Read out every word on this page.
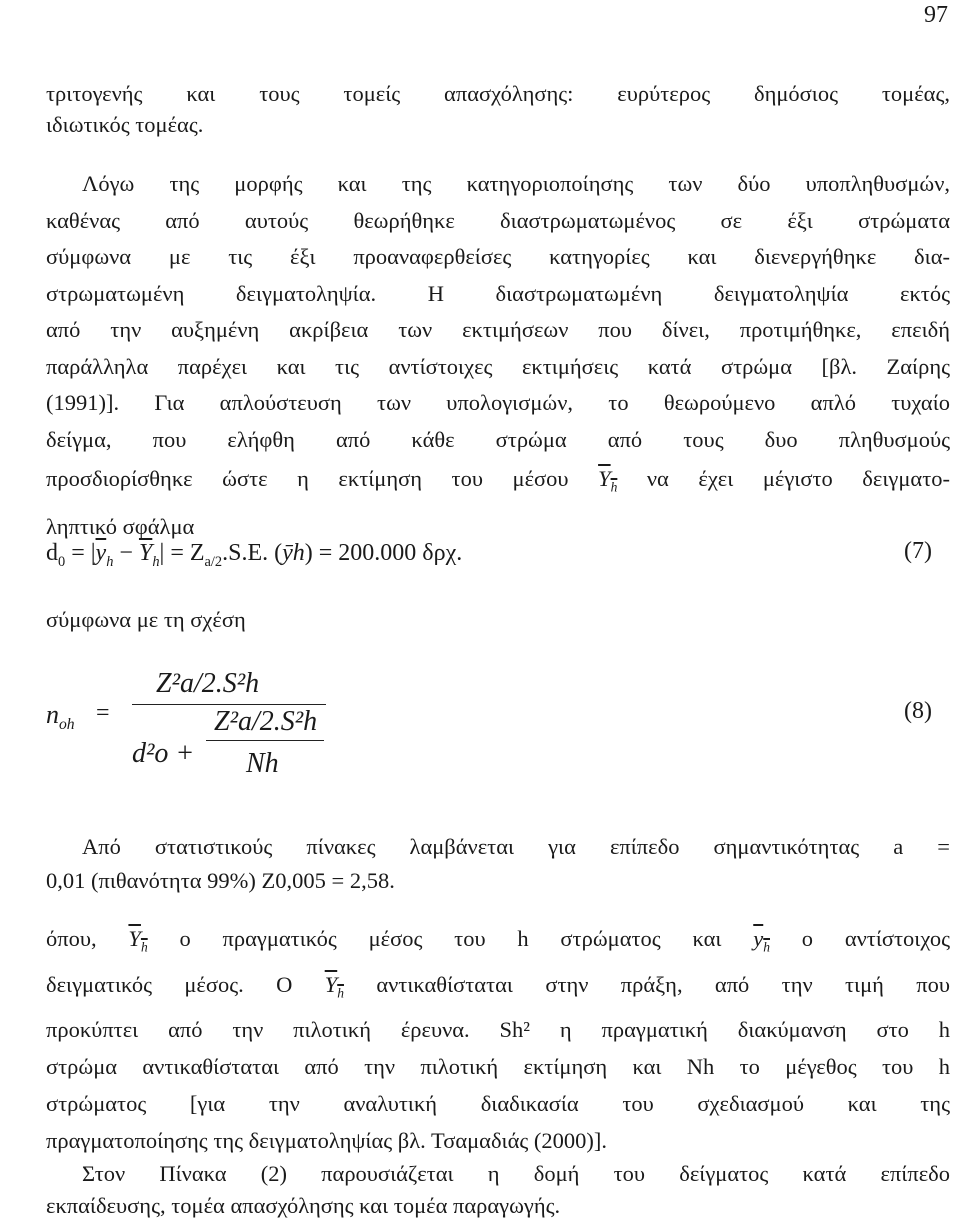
97
τριτογενής και τους τομείς απασχόλησης: ευρύτερος δημόσιος τομέας,
ιδιωτικός τομέας.
Λόγω της μορφής και της κατηγοριοποίησης των δύο υποπληθυσμών,
καθένας από αυτούς θεωρήθηκε διαστρωματωμένος σε έξι στρώματα
σύμφωνα με τις έξι προαναφερθείσες κατηγορίες και διενεργήθηκε δια-
στρωματωμένη δειγματοληψία. Η διαστρωματωμένη δειγματοληψία εκτός
από την αυξημένη ακρίβεια των εκτιμήσεων που δίνει, προτιμήθηκε, επειδή
παράλληλα παρέχει και τις αντίστοιχες εκτιμήσεις κατά στρώμα [βλ. Ζαίρης
(1991)]. Για απλούστευση των υπολογισμών, το θεωρούμενο απλό τυχαίο
δείγμα, που ελήφθη από κάθε στρώμα από τους δυο πληθυσμούς
προσδιορίσθηκε ώστε η εκτίμηση του μέσου $Y_h$ να έχει μέγιστο δειγματο-
ληπτικό σφάλμα
$d_0 = |\overline{y}_h - \overline{Y}_h| = Z_{a/2}.S.E$. (ȳh) = 200.000 δρχ.	(7)
σύμφωνα με τη σχέση
$n_{oh}$ =
Z²a/2.S²h
d²o +
Z²a/2.S²h
Nh
(8)
Από στατιστικούς πίνακες λαμβάνεται για επίπεδο σημαντικότητας a =
0,01 (πιθανότητα 99%) Z0,005 = 2,58.
όπου, $Y_h$ ο πραγματικός μέσος του h στρώματος και $y_h$ ο αντίστοιχος
δειγματικός μέσος. Ο $Y_h$ αντικαθίσταται στην πράξη, από την τιμή που
προκύπτει από την πιλοτική έρευνα. Sh² η πραγματική διακύμανση στο h
στρώμα αντικαθίσταται από την πιλοτική εκτίμηση και Nh το μέγεθος του h
στρώματος [για την αναλυτική διαδικασία του σχεδιασμού και της
πραγματοποίησης της δειγματοληψίας βλ. Τσαμαδιάς (2000)].
Στον Πίνακα (2) παρουσιάζεται η δομή του δείγματος κατά επίπεδο
εκπαίδευσης, τομέα απασχόλησης και τομέα παραγωγής.
